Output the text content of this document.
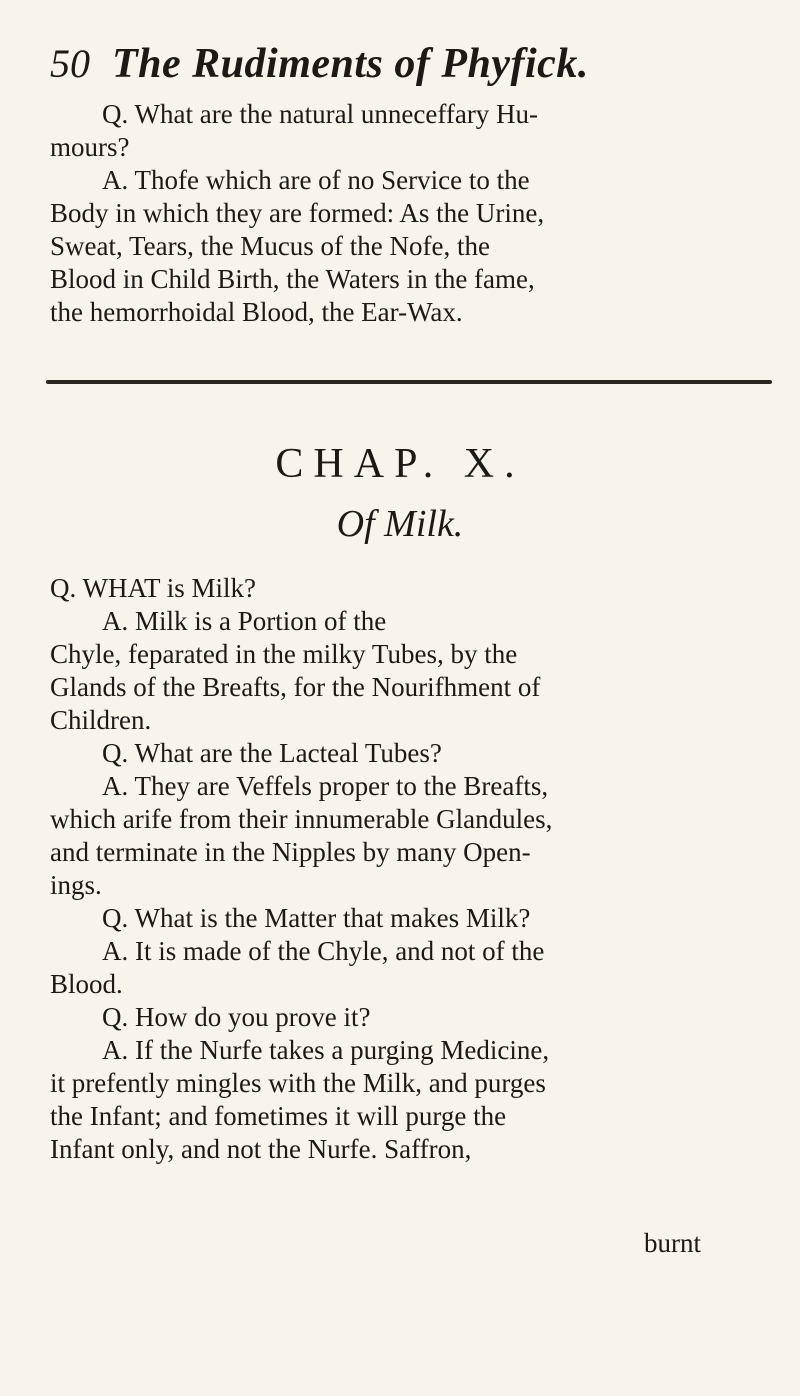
50 The Rudiments of Phyfick.
Q. What are the natural unneceffary Hu-
mours?
A. Thofe which are of no Service to the
Body in which they are formed: As the Urine,
Sweat, Tears, the Mucus of the Nofe, the
Blood in Child Birth, the Waters in the fame,
the hemorrhoidal Blood, the Ear-Wax.
CHAP. X.
Of Milk.
Q. WHAT is Milk?
A. Milk is a Portion of the
Chyle, feparated in the milky Tubes, by the
Glands of the Breafts, for the Nourifhment of
Children.
Q. What are the Lacteal Tubes?
A. They are Veffels proper to the Breafts,
which arife from their innumerable Glandules,
and terminate in the Nipples by many Open-
ings.
Q. What is the Matter that makes Milk?
A. It is made of the Chyle, and not of the
Blood.
Q. How do you prove it?
A. If the Nurfe takes a purging Medicine,
it prefently mingles with the Milk, and purges
the Infant; and fometimes it will purge the
Infant only, and not the Nurfe. Saffron,
burnt
